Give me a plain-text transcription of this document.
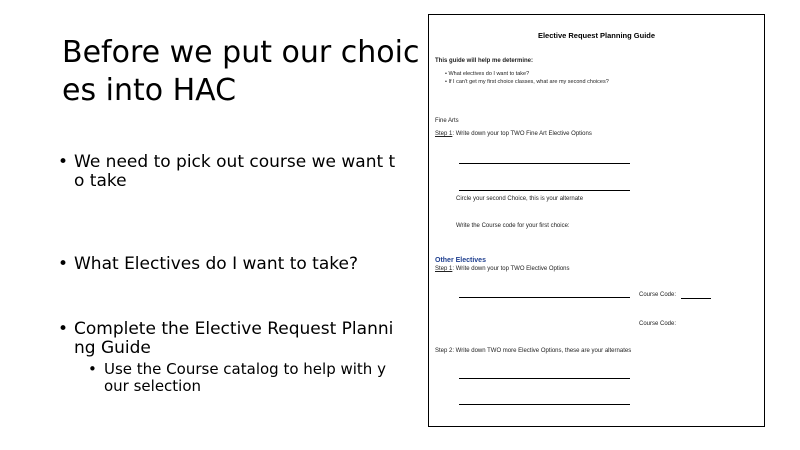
Before we put our choices into HAC
• We need to pick out course we want to take
• What Electives do I want to take?
• Complete the Elective Request Planning Guide
• Use the Course catalog to help with your selection
Elective Request Planning Guide
This guide will help me determine:
• What electives do I want to take?
• If I can't get my first choice classes, what are my second choices?
Fine Arts
Step 1: Write down your top TWO Fine Art Elective Options
Circle your second Choice, this is your alternate
Write the Course code for your first choice:
Other Electives
Step 1: Write down your top TWO Elective Options
Course Code:
Course Code:
Step 2: Write down TWO more Elective Options, these are your alternates
